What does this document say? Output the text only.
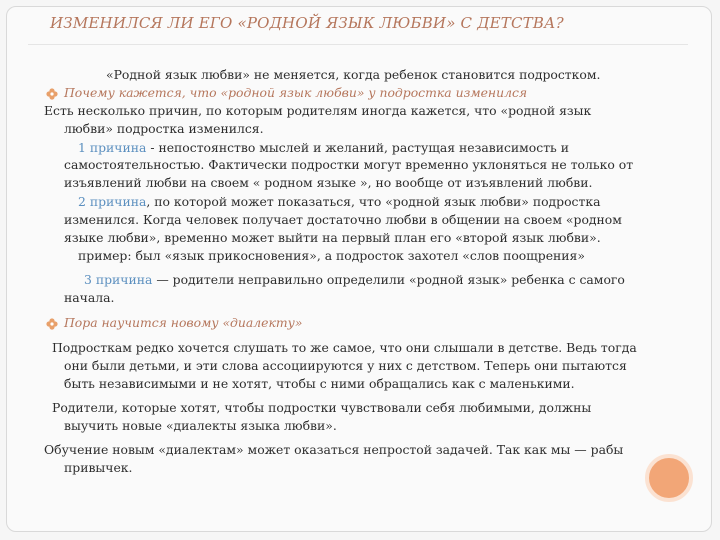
ИЗМЕНИЛСЯ ЛИ ЕГО «РОДНОЙ ЯЗЫК ЛЮБВИ» С ДЕТСТВА?
«Родной язык любви» не меняется, когда ребенок становится подростком.
Почему кажется, что «родной язык любви» у подростка изменился
Есть несколько причин, по которым родителям иногда кажется, что «родной язык
любви» подростка изменился.
1 причина - непостоянство мыслей и желаний, растущая независимость и
самостоятельностью. Фактически подростки могут временно уклоняться не только от
изъявлений любви на своем « родном языке », но вообще от изъявлений любви.
2 причина, по которой может показаться, что «родной язык любви» подростка
изменился. Когда человек получает достаточно любви в общении на своем «родном
языке любви», временно может выйти на первый план его «второй язык любви».
пример: был «язык прикосновения», а подросток захотел «слов поощрения»
3 причина — родители неправильно определили «родной язык» ребенка с самого
начала.
Пора научится новому «диалекту»
Подросткам редко хочется слушать то же самое, что они слышали в детстве. Ведь тогда
они были детьми, и эти слова ассоциируются у них с детством. Теперь они пытаются
быть независимыми и не хотят, чтобы с ними обращались как с маленькими.
Родители, которые хотят, чтобы подростки чувствовали себя любимыми, должны
выучить новые «диалекты языка любви».
Обучение новым «диалектам» может оказаться непростой задачей. Так как мы — рабы
привычек.
